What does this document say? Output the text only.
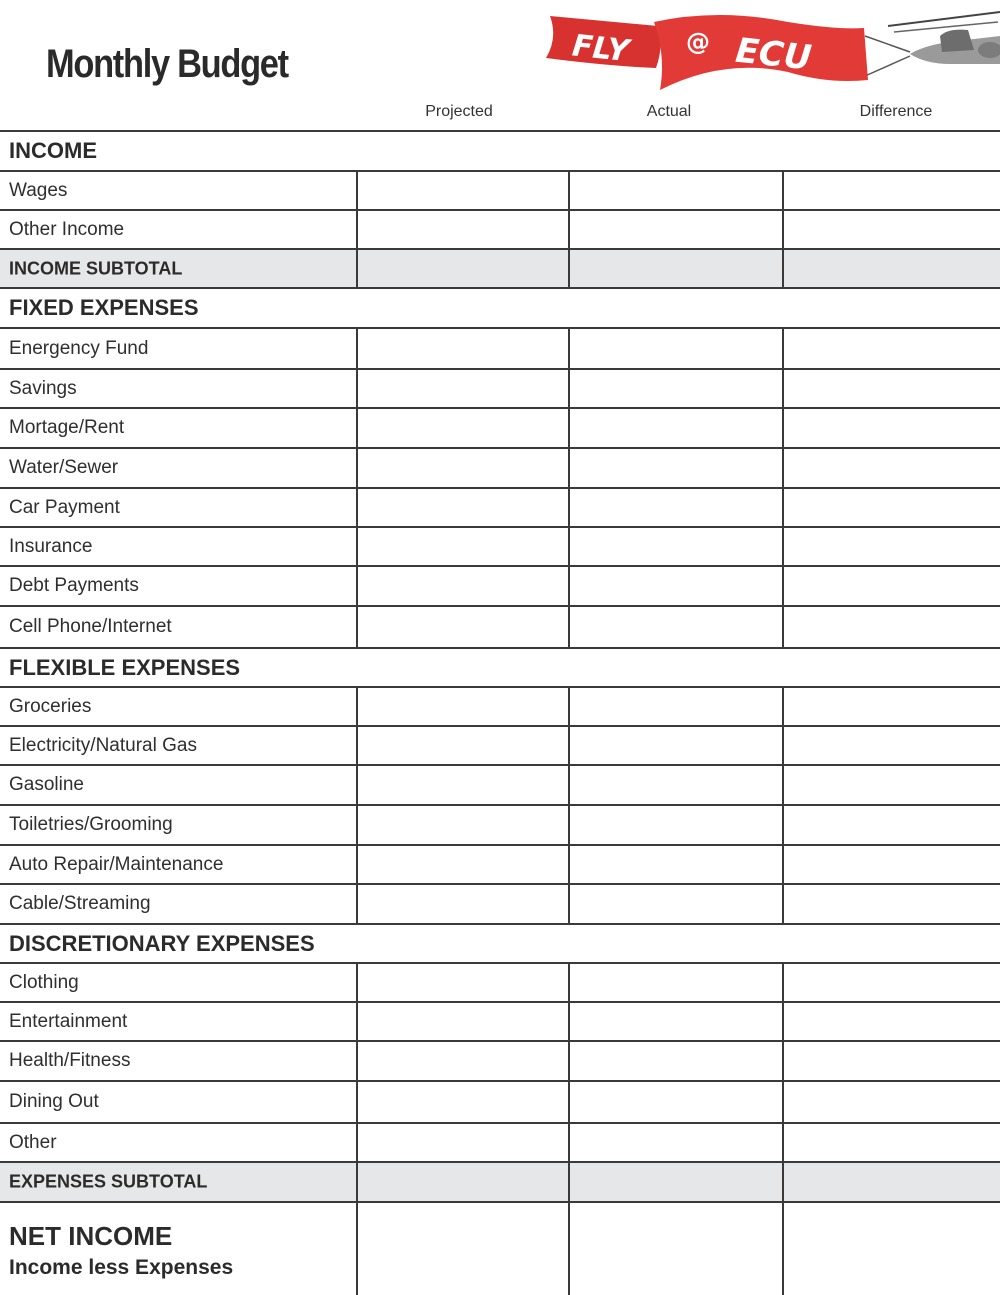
Monthly Budget	FLY @ ECU
Projected	Actual	Difference
INCOME
Wages
Other Income
INCOME SUBTOTAL
FIXED EXPENSES
Energency Fund
Savings
Mortage/Rent
Water/Sewer
Car Payment
Insurance
Debt Payments
Cell Phone/Internet
FLEXIBLE EXPENSES
Groceries
Electricity/Natural Gas
Gasoline
Toiletries/Grooming
Auto Repair/Maintenance
Cable/Streaming
DISCRETIONARY EXPENSES
Clothing
Entertainment
Health/Fitness
Dining Out
Other
EXPENSES SUBTOTAL
NET INCOME
Income less Expenses
